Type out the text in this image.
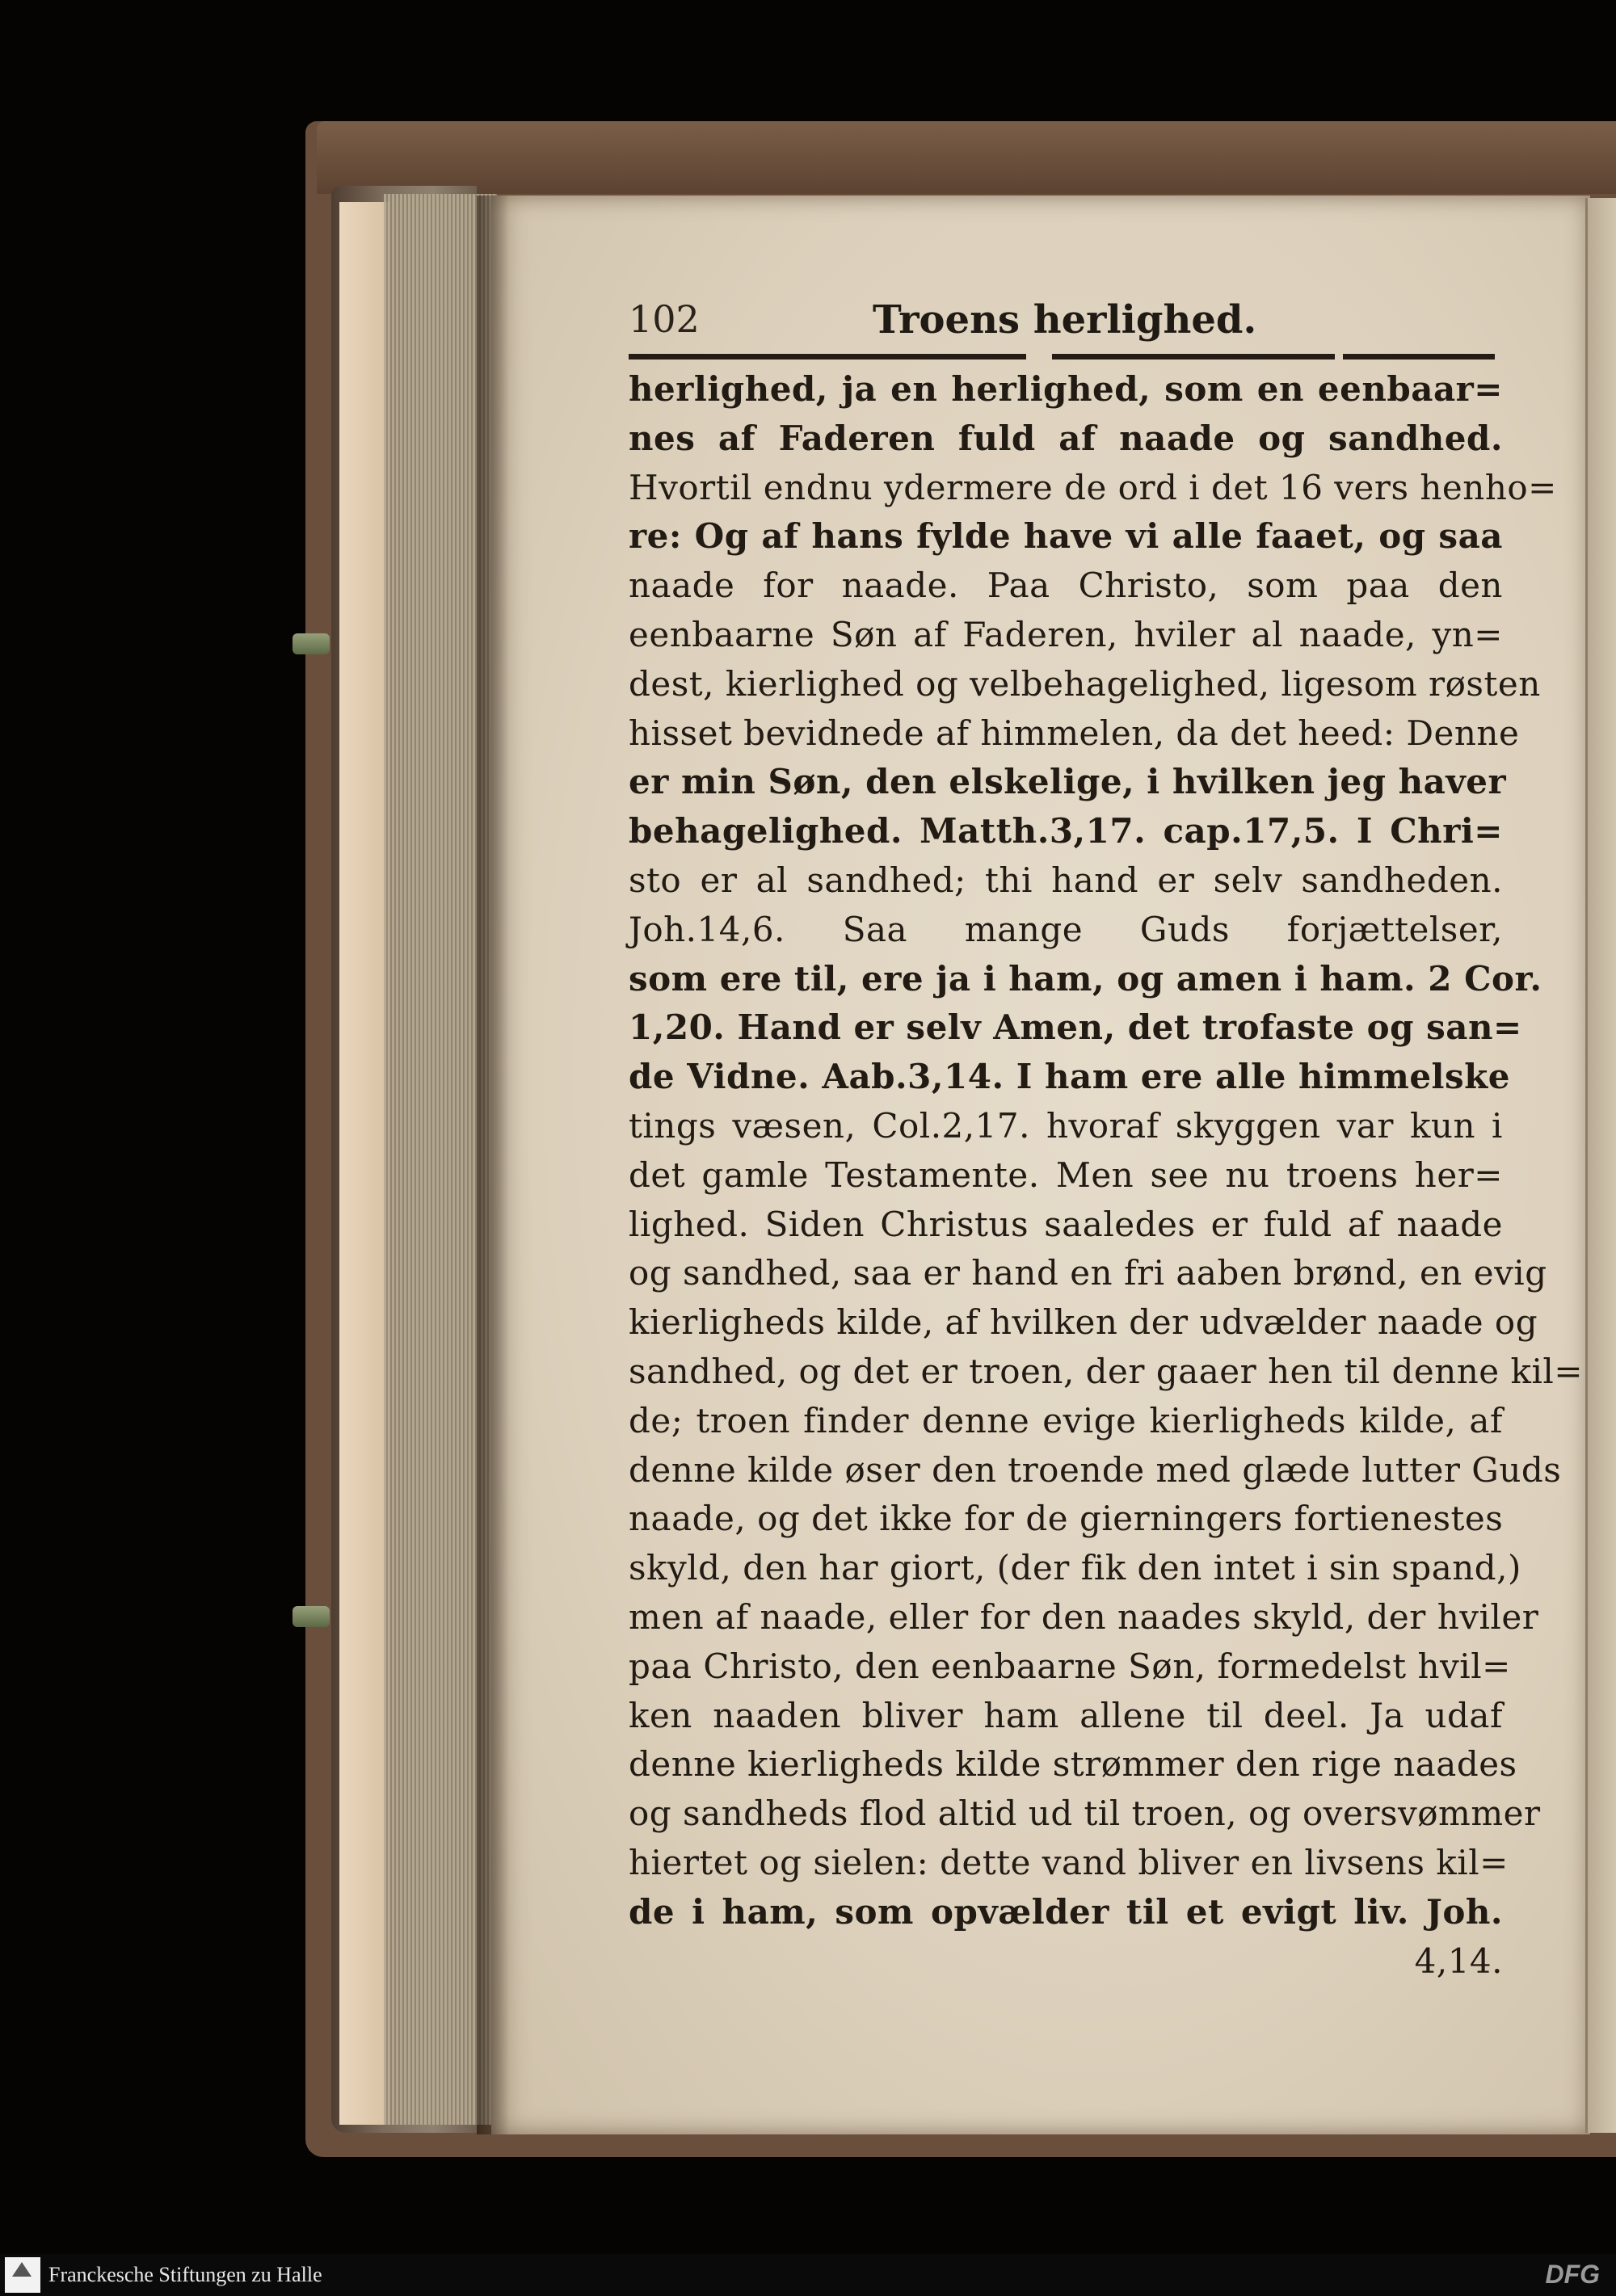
102	Troens herlighed.
herlighed, ja en herlighed, som en eenbaar=
nes af Faderen fuld af naade og sandhed.
Hvortil endnu ydermere de ord i det 16 vers henho=
re: Og af hans fylde have vi alle faaet, og saa
naade for naade. Paa Christo, som paa den
eenbaarne Søn af Faderen, hviler al naade, yn=
dest, kierlighed og velbehagelighed, ligesom røsten
hisset bevidnede af himmelen, da det heed: Denne
er min Søn, den elskelige, i hvilken jeg haver
behagelighed. Matth.3,17. cap.17,5. I Chri=
sto er al sandhed; thi hand er selv sandheden.
Joh.14,6. Saa mange Guds forjættelser,
som ere til, ere ja i ham, og amen i ham. 2 Cor.
1,20. Hand er selv Amen, det trofaste og san=
de Vidne. Aab.3,14. I ham ere alle himmelske
tings væsen, Col.2,17. hvoraf skyggen var kun i
det gamle Testamente. Men see nu troens her=
lighed. Siden Christus saaledes er fuld af naade
og sandhed, saa er hand en fri aaben brønd, en evig
kierligheds kilde, af hvilken der udvælder naade og
sandhed, og det er troen, der gaaer hen til denne kil=
de; troen finder denne evige kierligheds kilde, af
denne kilde øser den troende med glæde lutter Guds
naade, og det ikke for de gierningers fortienestes
skyld, den har giort, (der fik den intet i sin spand,)
men af naade, eller for den naades skyld, der hviler
paa Christo, den eenbaarne Søn, formedelst hvil=
ken naaden bliver ham allene til deel. Ja udaf
denne kierligheds kilde strømmer den rige naades
og sandheds flod altid ud til troen, og oversvømmer
hiertet og sielen: dette vand bliver en livsens kil=
de i ham, som opvælder til et evigt liv. Joh.
4,14.
Franckesche Stiftungen zu Halle	DFG
